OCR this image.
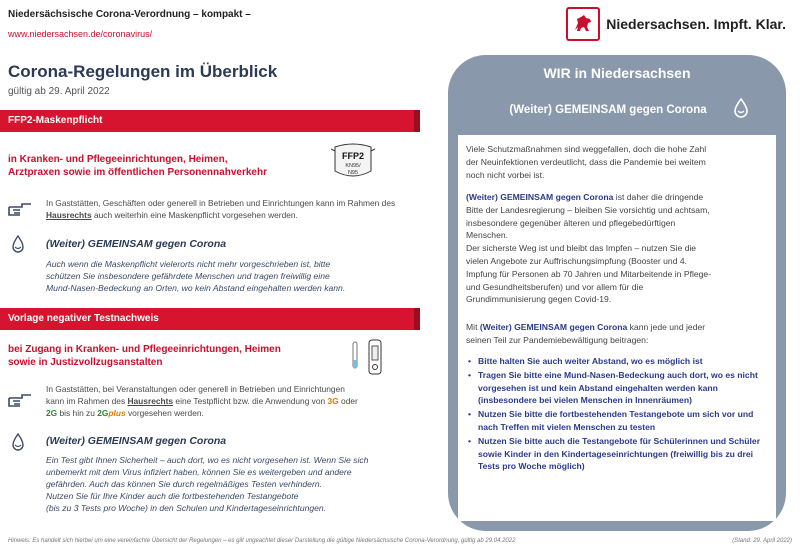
Niedersächsische Corona-Verordnung – kompakt –
www.niedersachsen.de/coronavirus/
Niedersachsen. Impft. Klar.
Corona-Regelungen im Überblick
gültig ab 29. April 2022
FFP2-Maskenpflicht
in Kranken- und Pflegeeinrichtungen, Heimen,
Arztpraxen sowie im öffentlichen Personennahverkehr
FFP2
KN95/
N95
In Gaststätten, Geschäften oder generell in Betrieben und Einrichtungen kann im Rahmen des Hausrechts auch weiterhin eine Maskenpflicht vorgesehen werden.
(Weiter) GEMEINSAM gegen Corona
Auch wenn die Maskenpflicht vielerorts nicht mehr vorgeschrieben ist, bitte
schützen Sie insbesondere gefährdete Menschen und tragen freiwillig eine
Mund-Nasen-Bedeckung an Orten, wo kein Abstand eingehalten werden kann.
Vorlage negativer Testnachweis
bei Zugang in Kranken- und Pflegeeinrichtungen, Heimen
sowie in Justizvollzugsanstalten
In Gaststätten, bei Veranstaltungen oder generell in Betrieben und Einrichtungen
kann im Rahmen des Hausrechts eine Testpflicht bzw. die Anwendung von 3G oder
2G bis hin zu 2Gplus vorgesehen werden.
(Weiter) GEMEINSAM gegen Corona
Ein Test gibt Ihnen Sicherheit – auch dort, wo es nicht vorgesehen ist. Wenn Sie sich
unbemerkt mit dem Virus infiziert haben, können Sie es weitergeben und andere
gefährden. Auch das können Sie durch regelmäßiges Testen verhindern.
Nutzen Sie für Ihre Kinder auch die fortbestehenden Testangebote
(bis zu 3 Tests pro Woche) in den Schulen und Kindertageseinrichtungen.
WIR in Niedersachsen
(Weiter) GEMEINSAM gegen Corona
Viele Schutzmaßnahmen sind weggefallen, doch die hohe Zahl
der Neuinfektionen verdeutlicht, dass die Pandemie bei weitem
noch nicht vorbei ist.
(Weiter) GEMEINSAM gegen Corona ist daher die dringende
Bitte der Landesregierung – bleiben Sie vorsichtig und achtsam,
insbesondere gegenüber älteren und pflegebedürftigen
Menschen.
Der sicherste Weg ist und bleibt das Impfen – nutzen Sie die
vielen Angebote zur Auffrischungsimpfung (Booster und 4.
Impfung für Personen ab 70 Jahren und Mitarbeitende in Pflege-
und Gesundheitsberufen) und vor allem für die
Grundimmunisierung gegen Covid-19.
Mit (Weiter) GEMEINSAM gegen Corona kann jede und jeder
seinen Teil zur Pandemiebewältigung beitragen:
• Bitte halten Sie auch weiter Abstand, wo es möglich ist
• Tragen Sie bitte eine Mund-Nasen-Bedeckung auch dort, wo es nicht vorgesehen ist und kein Abstand eingehalten werden kann (insbesondere bei vielen Menschen in Innenräumen)
• Nutzen Sie bitte die fortbestehenden Testangebote um sich vor und nach Treffen mit vielen Menschen zu testen
• Nutzen Sie bitte auch die Testangebote für Schülerinnen und Schüler sowie Kinder in den Kindertageseinrichtungen (freiwillig bis zu drei Tests pro Woche möglich)
Hinweis: Es handelt sich hierbei um eine vereinfachte Übersicht der Regelungen – es gilt ungeachtet dieser Darstellung die gültige Niedersächsische Corona-Verordnung, gültig ab 29.04.2022	(Stand: 29. April 2022)
